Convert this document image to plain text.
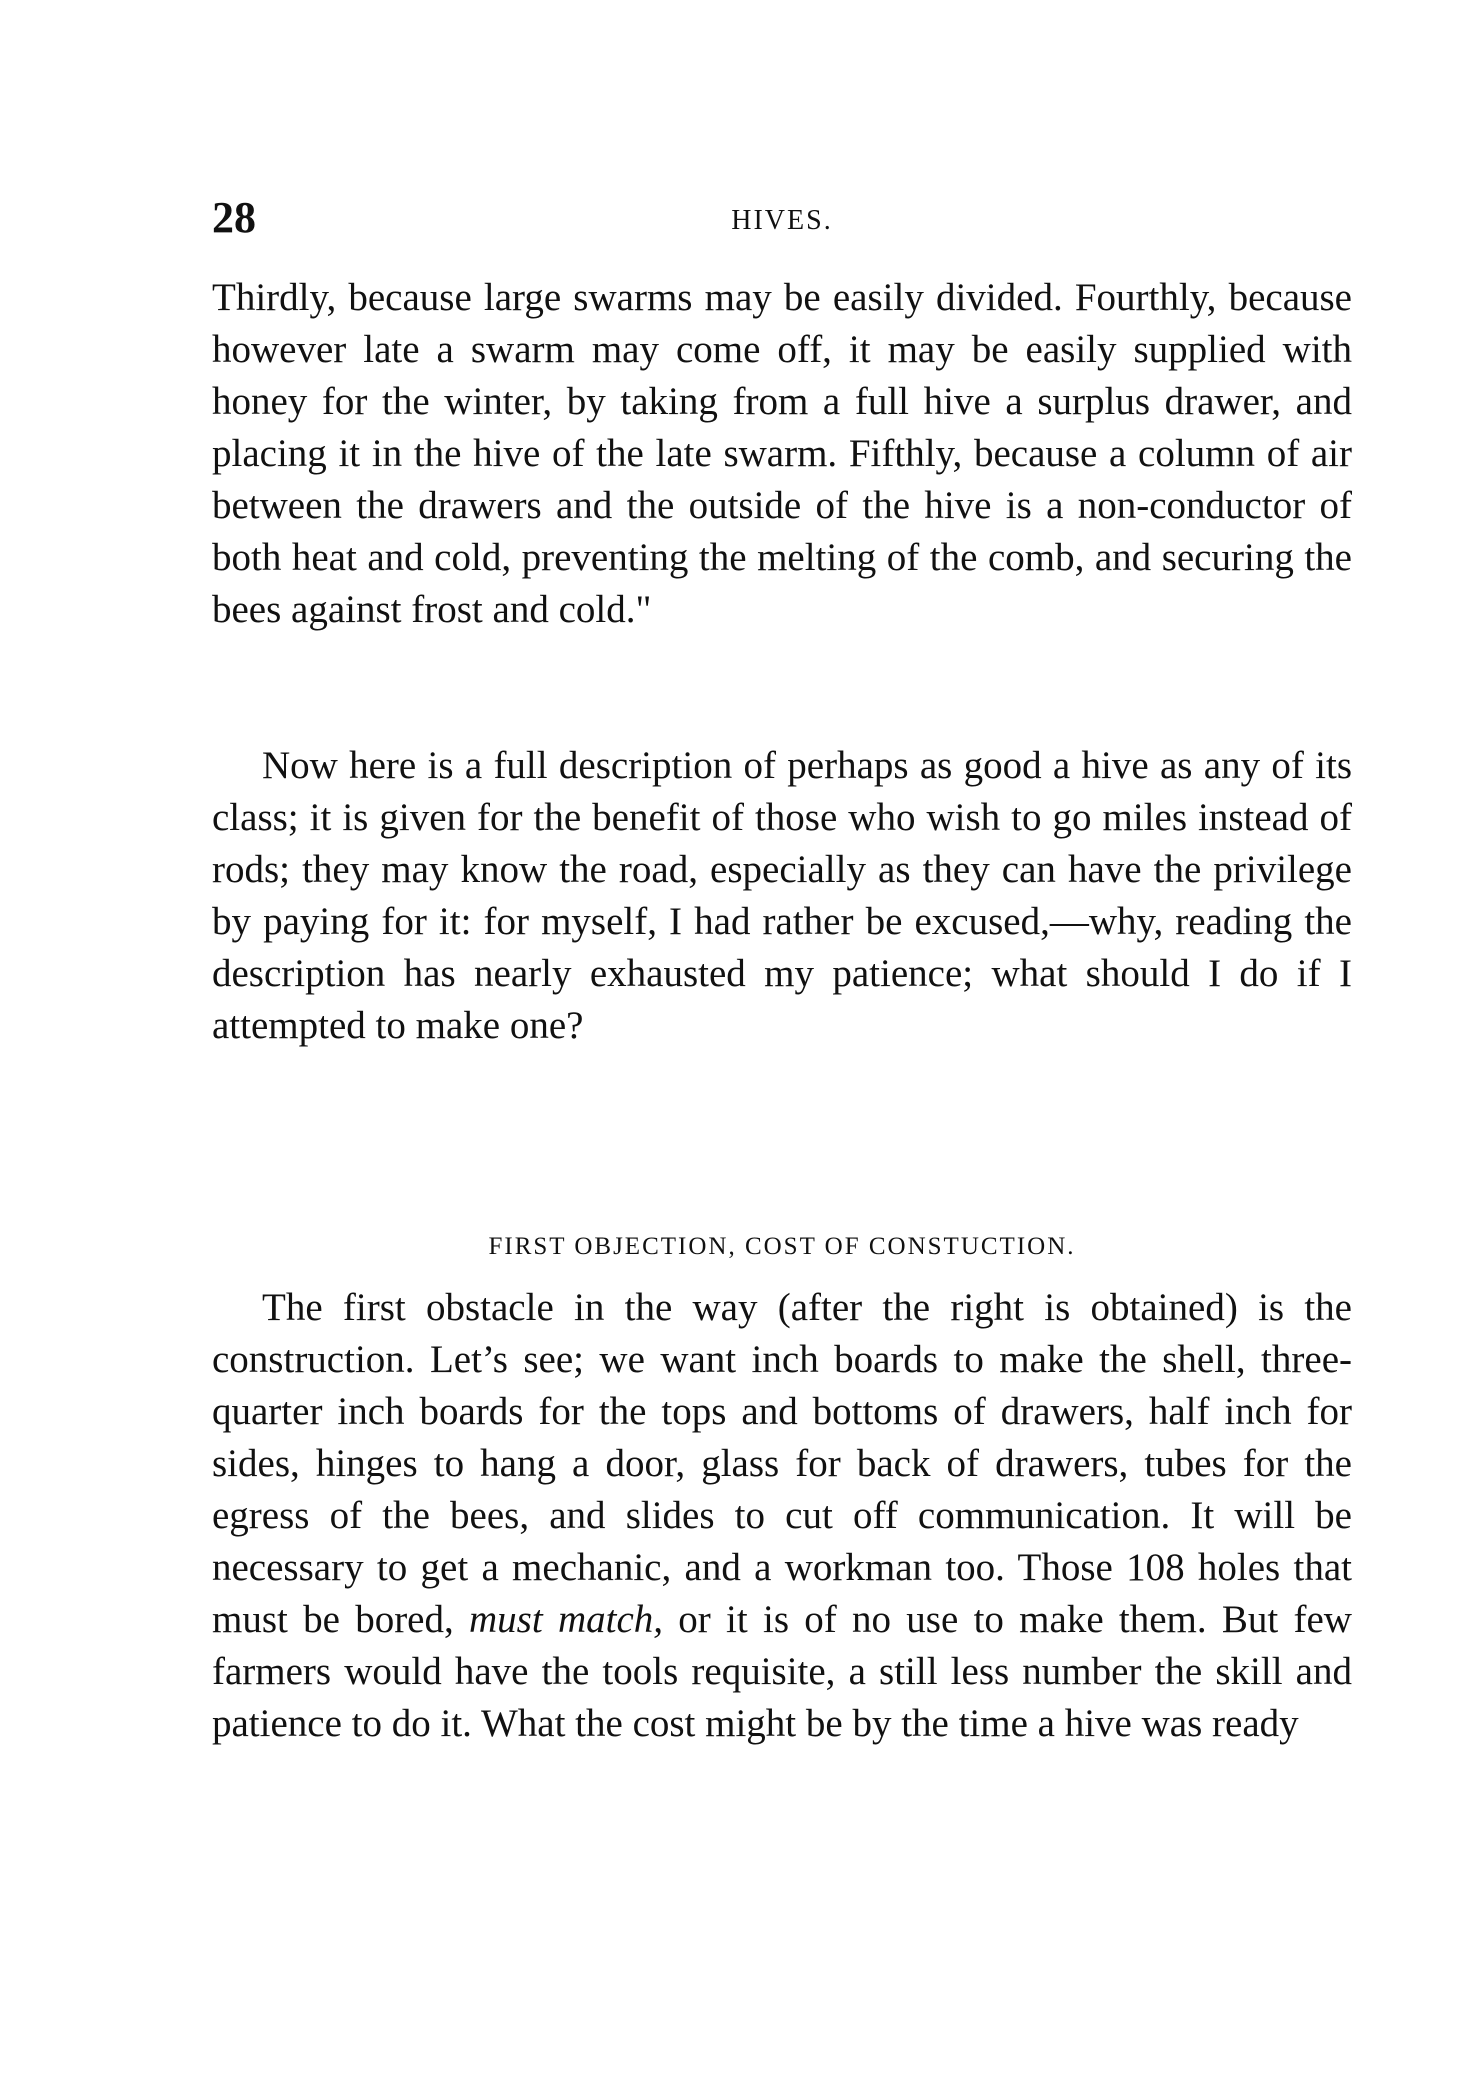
28	HIVES.

Thirdly, because large swarms may be easily divided. Fourthly, because however late a swarm may come off, it may be easily supplied with honey for the winter, by taking from a full hive a surplus drawer, and placing it in the hive of the late swarm. Fifthly, because a column of air between the drawers and the outside of the hive is a non-conductor of both heat and cold, preventing the melting of the comb, and securing the bees against frost and cold."

Now here is a full description of perhaps as good a hive as any of its class; it is given for the benefit of those who wish to go miles instead of rods; they may know the road, especially as they can have the privilege by paying for it: for myself, I had rather be excused,—why, reading the description has nearly exhausted my patience; what should I do if I attempted to make one?

FIRST OBJECTION, COST OF CONSTUCTION.

The first obstacle in the way (after the right is obtained) is the construction. Let’s see; we want inch boards to make the shell, three-quarter inch boards for the tops and bottoms of drawers, half inch for sides, hinges to hang a door, glass for back of drawers, tubes for the egress of the bees, and slides to cut off communication. It will be necessary to get a mechanic, and a workman too. Those 108 holes that must be bored, must match, or it is of no use to make them. But few farmers would have the tools requisite, a still less number the skill and patience to do it. What the cost might be by the time a hive was ready
